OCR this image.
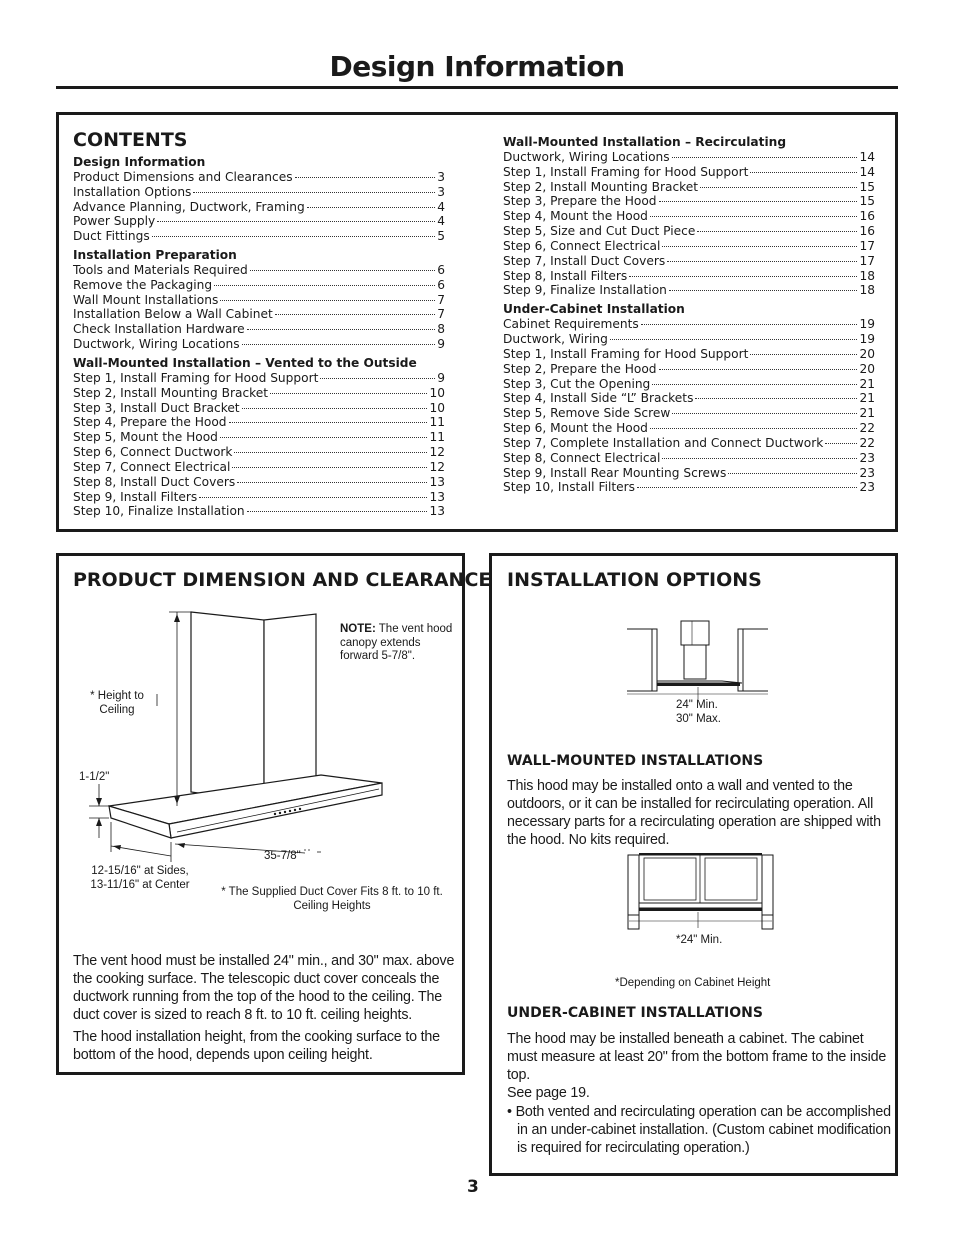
Design Information
CONTENTS
Design Information
Product Dimensions and Clearances	3
Installation Options	3
Advance Planning, Ductwork, Framing	4
Power Supply	4
Duct Fittings	5
Installation Preparation
Tools and Materials Required	6
Remove the Packaging	6
Wall Mount Installations	7
Installation Below a Wall Cabinet	7
Check Installation Hardware	8
Ductwork, Wiring Locations	9
Wall-Mounted Installation – Vented to the Outside
Step 1, Install Framing for Hood Support	9
Step 2, Install Mounting Bracket	10
Step 3, Install Duct Bracket	10
Step 4, Prepare the Hood	11
Step 5, Mount the Hood	11
Step 6, Connect Ductwork	12
Step 7, Connect Electrical	12
Step 8, Install Duct Covers	13
Step 9, Install Filters	13
Step 10, Finalize Installation	13
Wall-Mounted Installation – Recirculating
Ductwork, Wiring Locations	14
Step 1, Install Framing for Hood Support	14
Step 2, Install Mounting Bracket	15
Step 3, Prepare the Hood	15
Step 4, Mount the Hood	16
Step 5, Size and Cut Duct Piece	16
Step 6, Connect Electrical	17
Step 7, Install Duct Covers	17
Step 8, Install Filters	18
Step 9, Finalize Installation	18
Under-Cabinet Installation
Cabinet Requirements	19
Ductwork, Wiring	19
Step 1, Install Framing for Hood Support	20
Step 2, Prepare the Hood	20
Step 3, Cut the Opening	21
Step 4, Install Side “L” Brackets	21
Step 5, Remove Side Screw	21
Step 6, Mount the Hood	22
Step 7, Complete Installation and Connect Ductwork	22
Step 8, Connect Electrical	23
Step 9, Install Rear Mounting Screws	23
Step 10, Install Filters	23
PRODUCT DIMENSION AND CLEARANCE
NOTE: The vent hood canopy extends forward 5-7/8".
* Height to Ceiling
1-1/2"
35-7/8"
12-15/16" at Sides, 13-11/16" at Center
* The Supplied Duct Cover Fits 8 ft. to 10 ft. Ceiling Heights
The vent hood must be installed 24" min., and 30" max. above the cooking surface. The telescopic duct cover conceals the ductwork running from the top of the hood to the ceiling. The duct cover is sized to reach 8 ft. to 10 ft. ceiling heights.
The hood installation height, from the cooking surface to the bottom of the hood, depends upon ceiling height.
INSTALLATION OPTIONS
24" Min.
30" Max.
WALL-MOUNTED INSTALLATIONS
This hood may be installed onto a wall and vented to the outdoors, or it can be installed for recirculating operation. All necessary parts for a recirculating operation are shipped with the hood. No kits required.
*24" Min.
*Depending on Cabinet Height
UNDER-CABINET INSTALLATIONS
The hood may be installed beneath a cabinet. The cabinet must measure at least 20" from the bottom frame to the inside top.
See page 19.
• Both vented and recirculating operation can be accomplished in an under-cabinet installation. (Custom cabinet modification is required for recirculating operation.)
3
